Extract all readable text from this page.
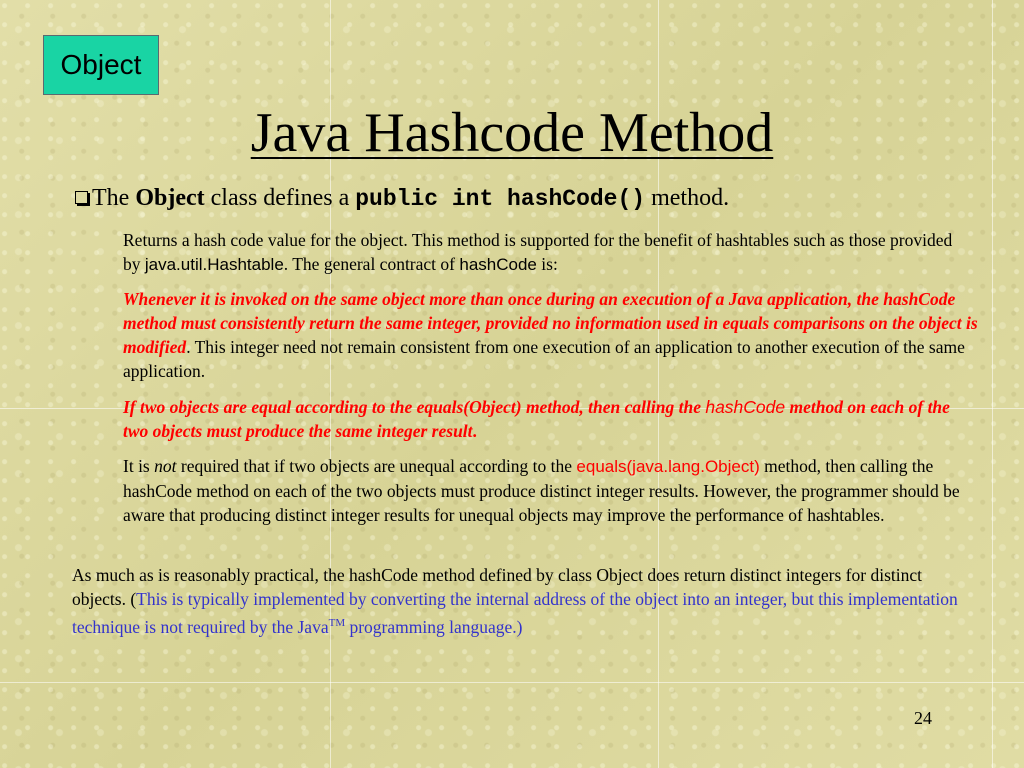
Object
Java Hashcode Method
The Object class defines a public int hashCode() method.
Returns a hash code value for the object. This method is supported for the benefit of hashtables such as those provided by java.util.Hashtable. The general contract of hashCode is:
Whenever it is invoked on the same object more than once during an execution of a Java application, the hashCode method must consistently return the same integer, provided no information used in equals comparisons on the object is modified. This integer need not remain consistent from one execution of an application to another execution of the same application.
If two objects are equal according to the equals(Object) method, then calling the hashCode method on each of the two objects must produce the same integer result.
It is not required that if two objects are unequal according to the equals(java.lang.Object) method, then calling the hashCode method on each of the two objects must produce distinct integer results. However, the programmer should be aware that producing distinct integer results for unequal objects may improve the performance of hashtables.
As much as is reasonably practical, the hashCode method defined by class Object does return distinct integers for distinct objects. (This is typically implemented by converting the internal address of the object into an integer, but this implementation technique is not required by the Java™ programming language.)
24
